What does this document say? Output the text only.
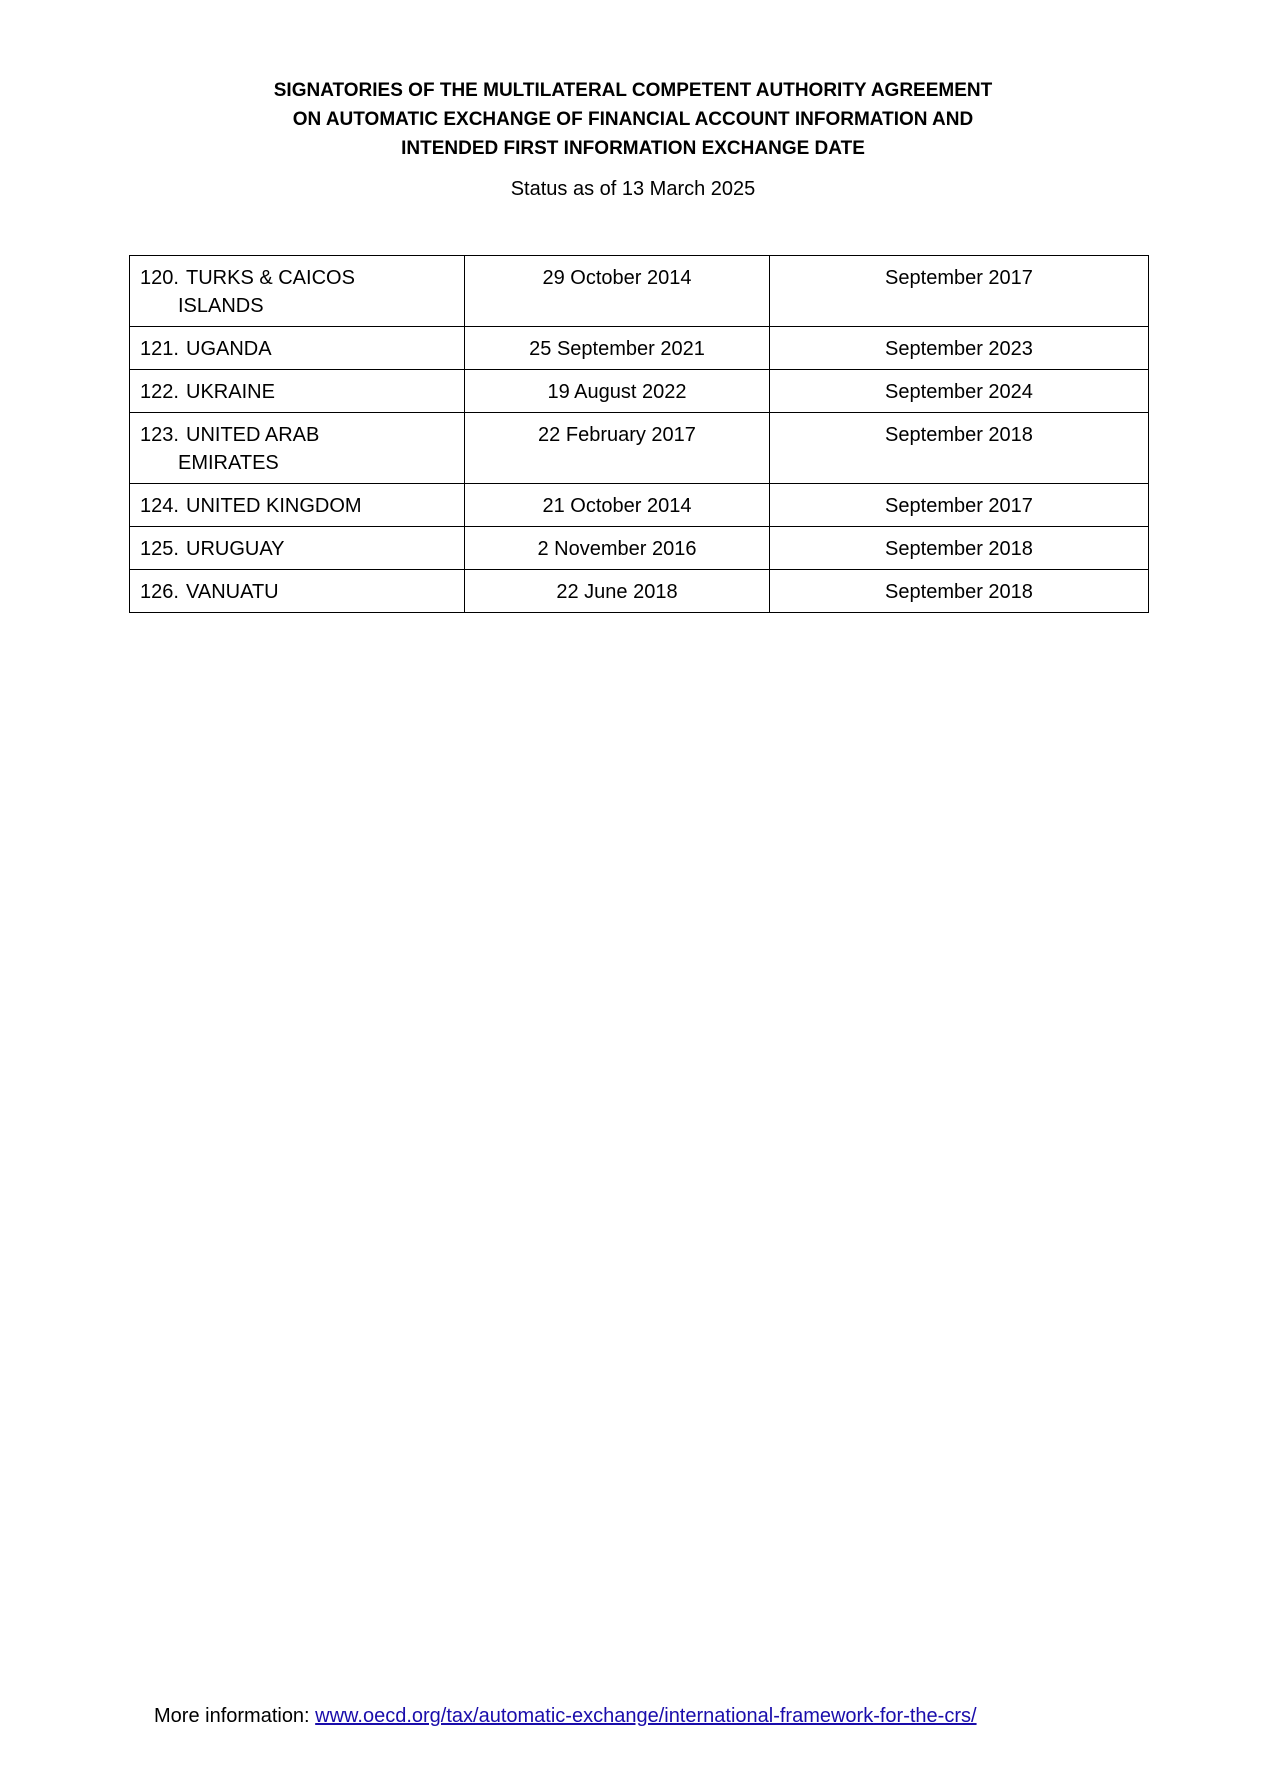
SIGNATORIES OF THE MULTILATERAL COMPETENT AUTHORITY AGREEMENT
ON AUTOMATIC EXCHANGE OF FINANCIAL ACCOUNT INFORMATION AND
INTENDED FIRST INFORMATION EXCHANGE DATE
Status as of 13 March 2025
120. TURKS & CAICOS
ISLANDS	29 October 2014	September 2017

121. UGANDA	25 September 2021	September 2023

122. UKRAINE	19 August 2022	September 2024

123. UNITED ARAB
EMIRATES	22 February 2017	September 2018

124. UNITED KINGDOM	21 October 2014	September 2017

125. URUGUAY	2 November 2016	September 2018

126. VANUATU	22 June 2018	September 2018
More information: www.oecd.org/tax/automatic-exchange/international-framework-for-the-crs/
